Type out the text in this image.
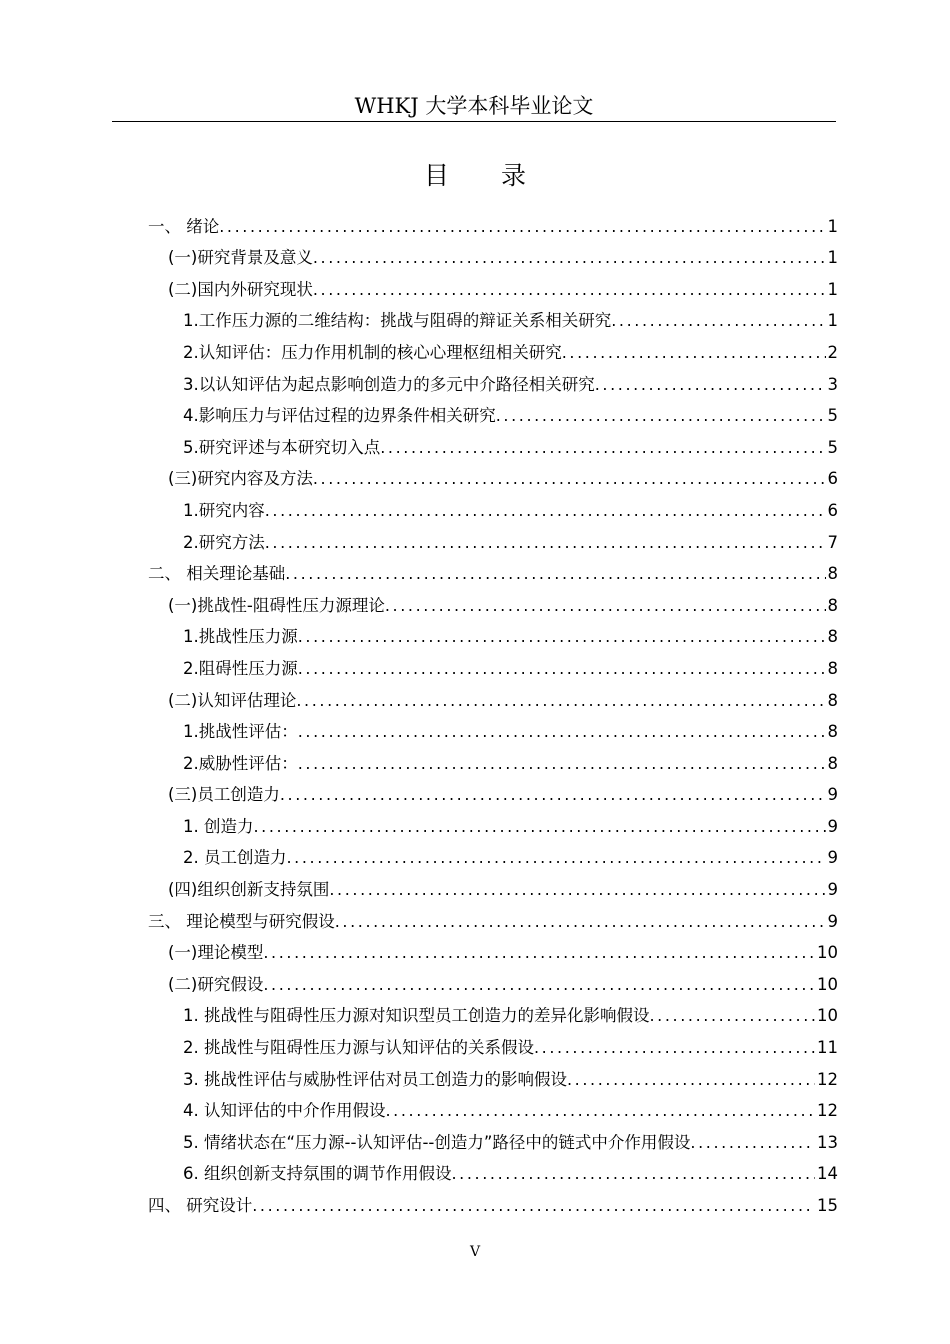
WHKJ 大学本科毕业论文
目 录
一、 绪论 .....	1
(一)研究背景及意义 .....	1
(二)国内外研究现状 .....	1
1.工作压力源的二维结构：挑战与阻碍的辩证关系相关研究 .....	1
2.认知评估：压力作用机制的核心心理枢纽相关研究 .....	2
3.以认知评估为起点影响创造力的多元中介路径相关研究 .....	3
4.影响压力与评估过程的边界条件相关研究 .....	5
5.研究评述与本研究切入点 .....	5
(三)研究内容及方法 .....	6
1.研究内容 .....	6
2.研究方法 .....	7
二、 相关理论基础 .....	8
(一)挑战性-阻碍性压力源理论 .....	8
1.挑战性压力源 .....	8
2.阻碍性压力源 .....	8
(二)认知评估理论 .....	8
1.挑战性评估： .....	8
2.威胁性评估： .....	8
(三)员工创造力 .....	9
1. 创造力 .....	9
2. 员工创造力 .....	9
(四)组织创新支持氛围 .....	9
三、 理论模型与研究假设 .....	9
(一)理论模型 .....	10
(二)研究假设 .....	10
1. 挑战性与阻碍性压力源对知识型员工创造力的差异化影响假设 .....	10
2. 挑战性与阻碍性压力源与认知评估的关系假设 .....	11
3. 挑战性评估与威胁性评估对员工创造力的影响假设 .....	12
4. 认知评估的中介作用假设 .....	12
5. 情绪状态在“压力源--认知评估--创造力”路径中的链式中介作用假设 .....	13
6. 组织创新支持氛围的调节作用假设 .....	14
四、 研究设计 .....	15
V
